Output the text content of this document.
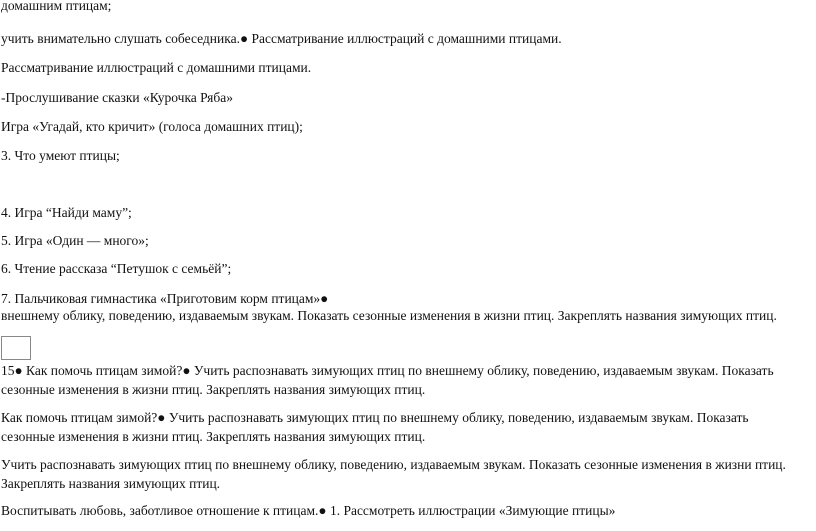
домашним птицам;
учить внимательно слушать собеседника.● Рассматривание иллюстраций с домашними птицами.
Рассматривание иллюстраций с домашними птицами.
-Прослушивание сказки «Курочка Ряба»
Игра «Угадай, кто кричит» (голоса домашних птиц);
3. Что умеют птицы;
4. Игра “Найди маму”;
5. Игра «Один — много»;
6. Чтение рассказа “Петушок с семьёй”;
7. Пальчиковая гимнастика «Приготовим корм птицам»●
внешнему облику, поведению, издаваемым звукам. Показать сезонные изменения в жизни птиц. Закреплять названия зимующих птиц.
15● Как помочь птицам зимой?● Учить распознавать зимующих птиц по внешнему облику, поведению, издаваемым звукам. Показать сезонные изменения в жизни птиц. Закреплять названия зимующих птиц.
Как помочь птицам зимой?● Учить распознавать зимующих птиц по внешнему облику, поведению, издаваемым звукам. Показать сезонные изменения в жизни птиц. Закреплять названия зимующих птиц.
Учить распознавать зимующих птиц по внешнему облику, поведению, издаваемым звукам. Показать сезонные изменения в жизни птиц. Закреплять названия зимующих птиц.
Воспитывать любовь, заботливое отношение к птицам.● 1. Рассмотреть иллюстрации «Зимующие птицы»
